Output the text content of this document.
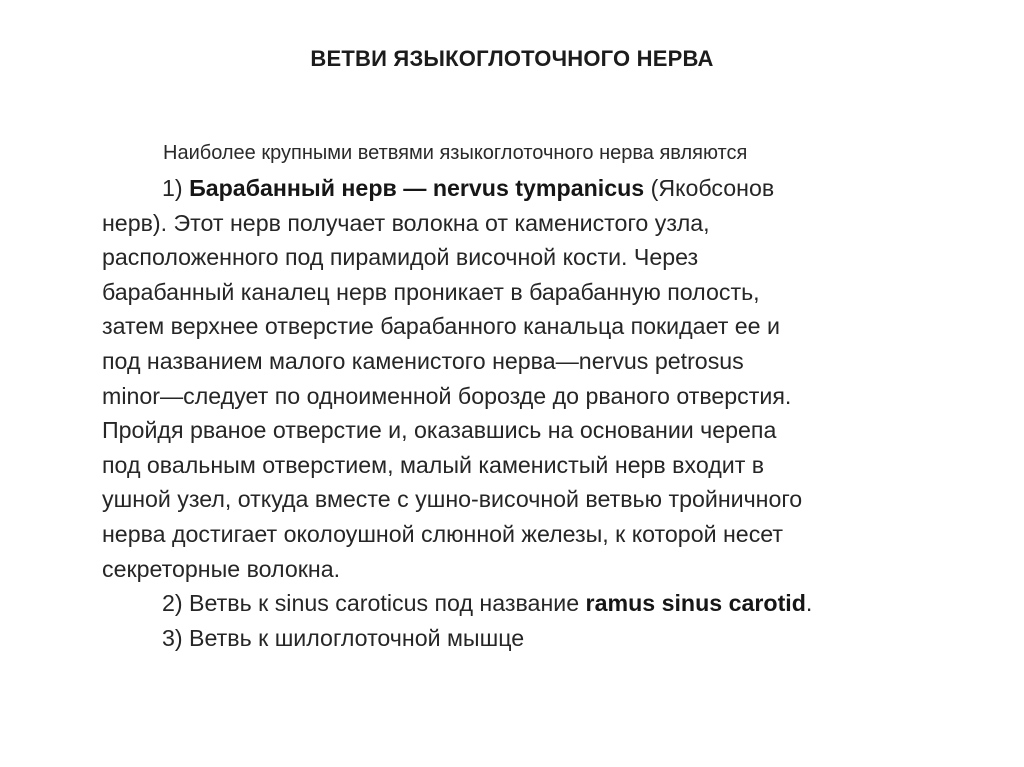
ВЕТВИ ЯЗЫКОГЛОТОЧНОГО НЕРВА
Наиболее крупными ветвями языкоглоточного нерва являются
1) Барабанный нерв — nervus tympanicus (Якобсонов
нерв). Этот нерв получает волокна от каменистого узла,
расположенного под пирамидой височной кости. Через
барабанный каналец нерв проникает в барабанную полость,
затем верхнее отверстие барабанного канальца покидает ее и
под названием малого каменистого нерва—nervus petrosus
minor—следует по одноименной борозде до рваного отверстия.
Пройдя рваное отверстие и, оказавшись на основании черепа
под овальным отверстием, малый каменистый нерв входит в
ушной узел, откуда вместе с ушно-височной ветвью тройничного
нерва достигает околоушной слюнной железы, к которой несет
секреторные волокна.
2) Ветвь к sinus caroticus под название ramus sinus carotid.
3) Ветвь к шилоглоточной мышце
